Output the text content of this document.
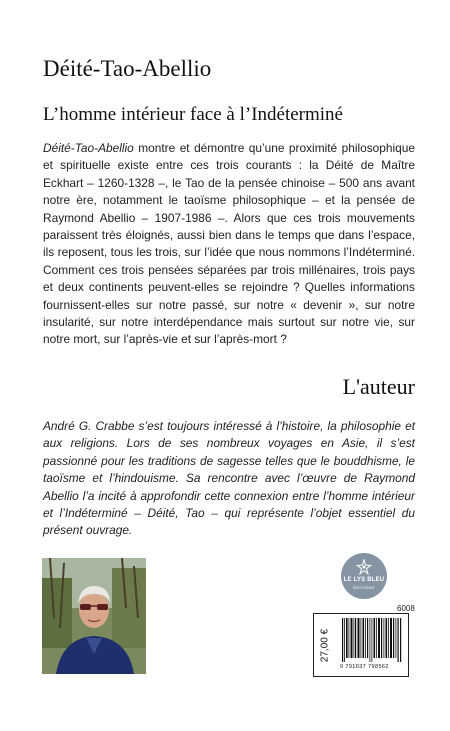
Déité-Tao-Abellio
L’homme intérieur face à l’Indéterminé

Déité-Tao-Abellio montre et démontre qu’une proximité philosophique et spirituelle existe entre ces trois courants : la Déité de Maître Eckhart – 1260-1328 –, le Tao de la pensée chinoise – 500 ans avant notre ère, notamment le taoïsme philosophique – et la pensée de Raymond Abellio – 1907-1986 –. Alors que ces trois mouvements paraissent très éloignés, aussi bien dans le temps que dans l’espace, ils reposent, tous les trois, sur l’idée que nous nommons l’Indéterminé. Comment ces trois pensées séparées par trois millénaires, trois pays et deux continents peuvent-elles se rejoindre ? Quelles informations fournissent-elles sur notre passé, sur notre « devenir », sur notre insularité, sur notre interdépendance mais surtout sur notre vie, sur notre mort, sur l’après-vie et sur l’après-mort ?

L'auteur

André G. Crabbe s’est toujours intéressé à l’histoire, la philosophie et aux religions. Lors de ses nombreux voyages en Asie, il s’est passionné pour les traditions de sagesse telles que le bouddhisme, le taoïsme et l’hindouisme. Sa rencontre avec l’œuvre de Raymond Abellio l’a incité à approfondir cette connexion entre l’homme intérieur et l’Indéterminé – Déité, Tao – qui représente l’objet essentiel du présent ouvrage.

LE LYS BLEU
ÉDITIONS
6008
9 791037 798562
27,00 €
